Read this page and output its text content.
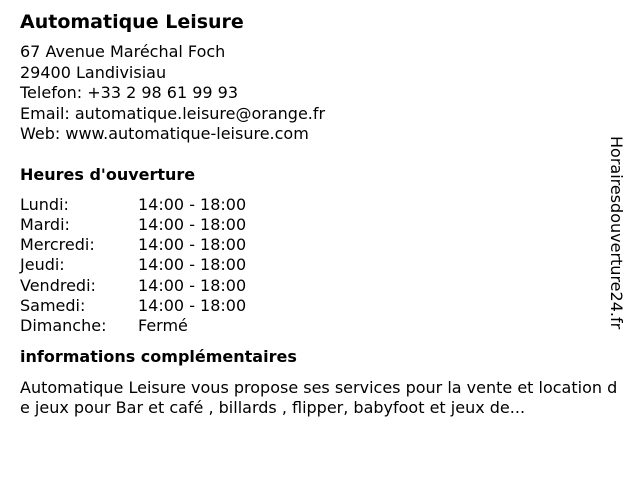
Automatique Leisure
67 Avenue Maréchal Foch
29400 Landivisiau
Telefon: +33 2 98 61 99 93
Email: automatique.leisure@orange.fr
Web: www.automatique-leisure.com
Heures d'ouverture
Lundi:	14:00 - 18:00
Mardi:	14:00 - 18:00
Mercredi:	14:00 - 18:00
Jeudi:	14:00 - 18:00
Vendredi:	14:00 - 18:00
Samedi:	14:00 - 18:00
Dimanche:	Fermé
informations complémentaires
Automatique Leisure vous propose ses services pour la vente et location de jeux pour Bar et café , billards , flipper, babyfoot et jeux de...
Horairesdouverture24.fr
